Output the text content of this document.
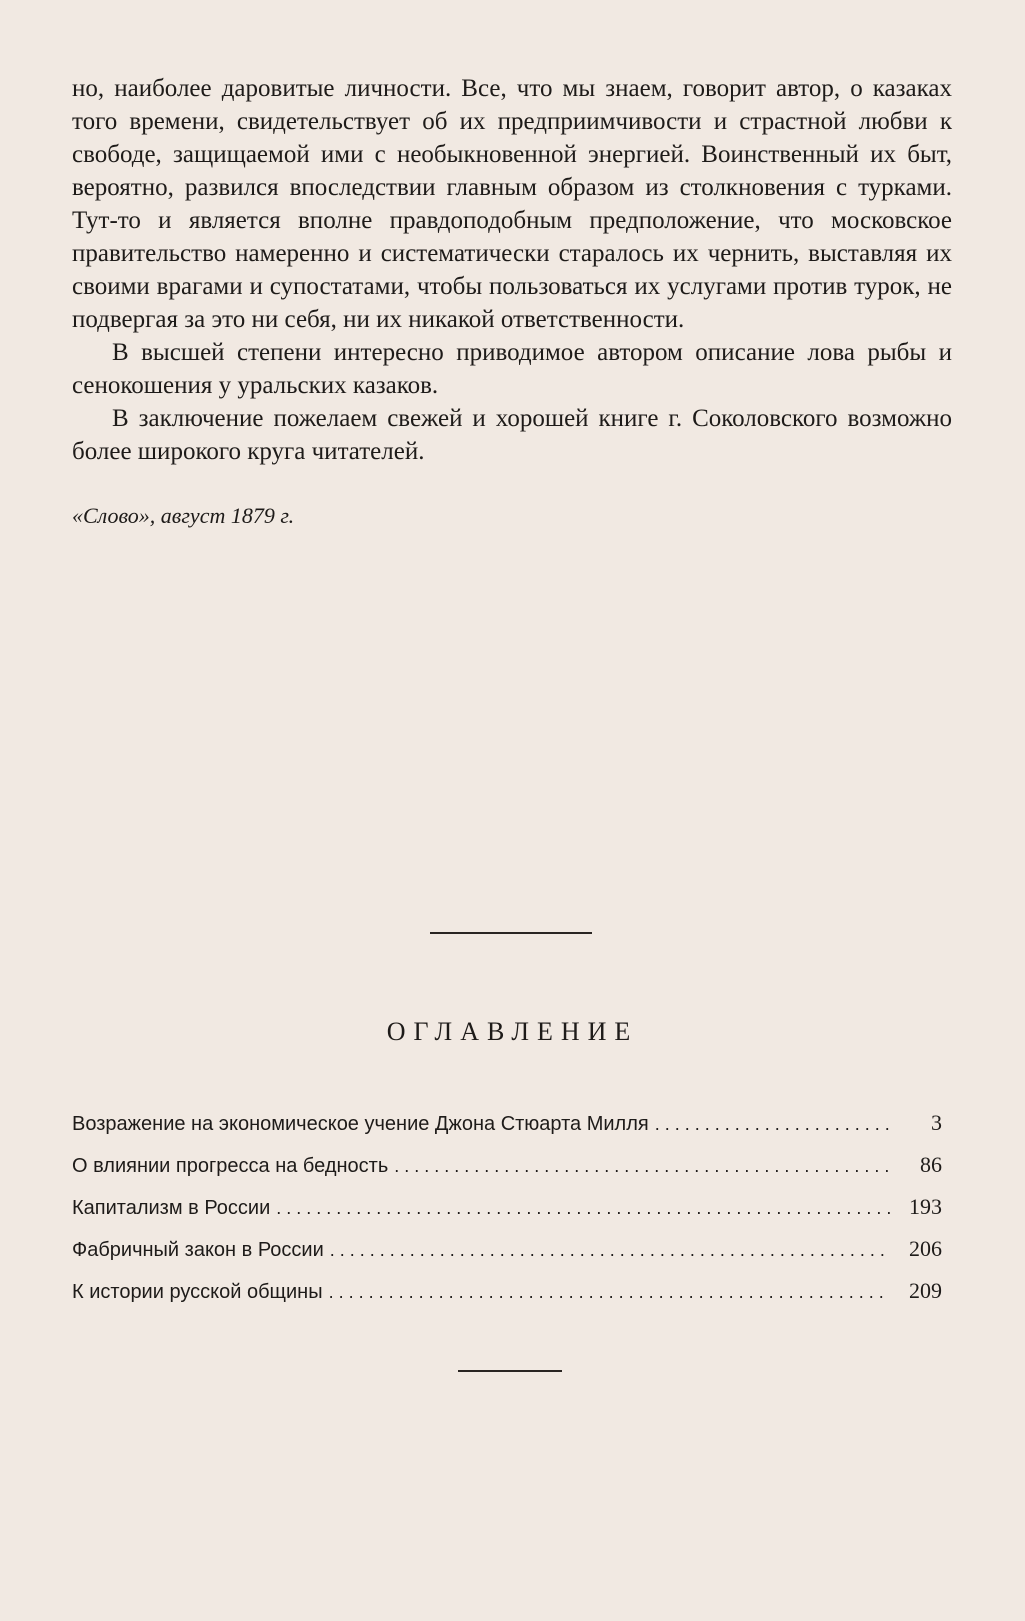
но, наиболее даровитые личности. Все, что мы знаем, говорит автор, о казаках того времени, свидетельствует об их предприимчивости и страстной любви к свободе, защищаемой ими с необыкновенной энергией. Воинственный их быт, вероятно, развился впоследствии главным образом из столкновения с турками. Тут-то и является вполне правдоподобным предположение, что московское правительство намеренно и систематически старалось их чернить, выставляя их своими врагами и супостатами, чтобы пользоваться их услугами против турок, не подвергая за это ни себя, ни их никакой ответственности.

В высшей степени интересно приводимое автором описание лова рыбы и сенокошения у уральских казаков.

В заключение пожелаем свежей и хорошей книге г. Соколовского возможно более широкого круга читателей.

«Слово», август 1879 г.
ОГЛАВЛЕНИЕ
Возражение на экономическое учение Джона Стюарта Милля . . .	3
О влиянии прогресса на бедность . . .	86
Капитализм в России . . .	193
Фабричный закон в России . . .	206
К истории русской общины . . .	209
